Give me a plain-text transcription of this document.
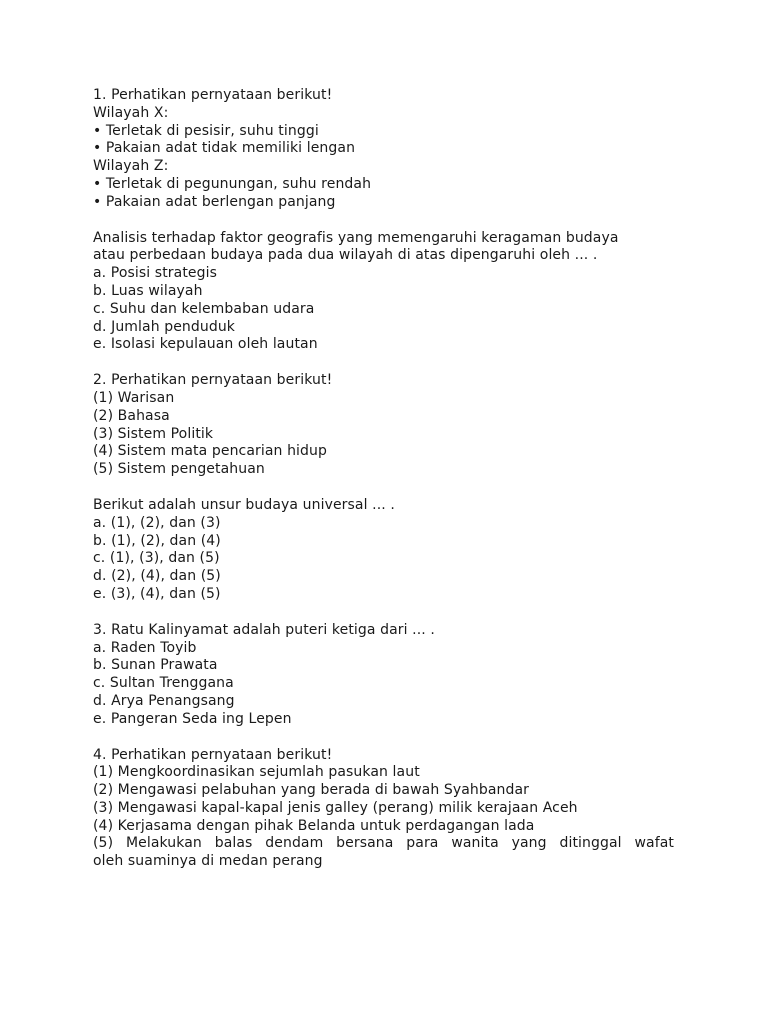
1. Perhatikan pernyataan berikut!
Wilayah X:
• Terletak di pesisir, suhu tinggi
• Pakaian adat tidak memiliki lengan
Wilayah Z:
• Terletak di pegunungan, suhu rendah
• Pakaian adat berlengan panjang
Analisis terhadap faktor geografis yang memengaruhi keragaman budaya
atau perbedaan budaya pada dua wilayah di atas dipengaruhi oleh ... .
a. Posisi strategis
b. Luas wilayah
c. Suhu dan kelembaban udara
d. Jumlah penduduk
e. Isolasi kepulauan oleh lautan
2. Perhatikan pernyataan berikut!
(1) Warisan
(2) Bahasa
(3) Sistem Politik
(4) Sistem mata pencarian hidup
(5) Sistem pengetahuan
Berikut adalah unsur budaya universal ... .
a. (1), (2), dan (3)
b. (1), (2), dan (4)
c. (1), (3), dan (5)
d. (2), (4), dan (5)
e. (3), (4), dan (5)
3. Ratu Kalinyamat adalah puteri ketiga dari ... .
a. Raden Toyib
b. Sunan Prawata
c. Sultan Trenggana
d. Arya Penangsang
e. Pangeran Seda ing Lepen
4. Perhatikan pernyataan berikut!
(1) Mengkoordinasikan sejumlah pasukan laut
(2) Mengawasi pelabuhan yang berada di bawah Syahbandar
(3) Mengawasi kapal-kapal jenis galley (perang) milik kerajaan Aceh
(4) Kerjasama dengan pihak Belanda untuk perdagangan lada
(5) Melakukan balas dendam bersana para wanita yang ditinggal wafat
oleh suaminya di medan perang
